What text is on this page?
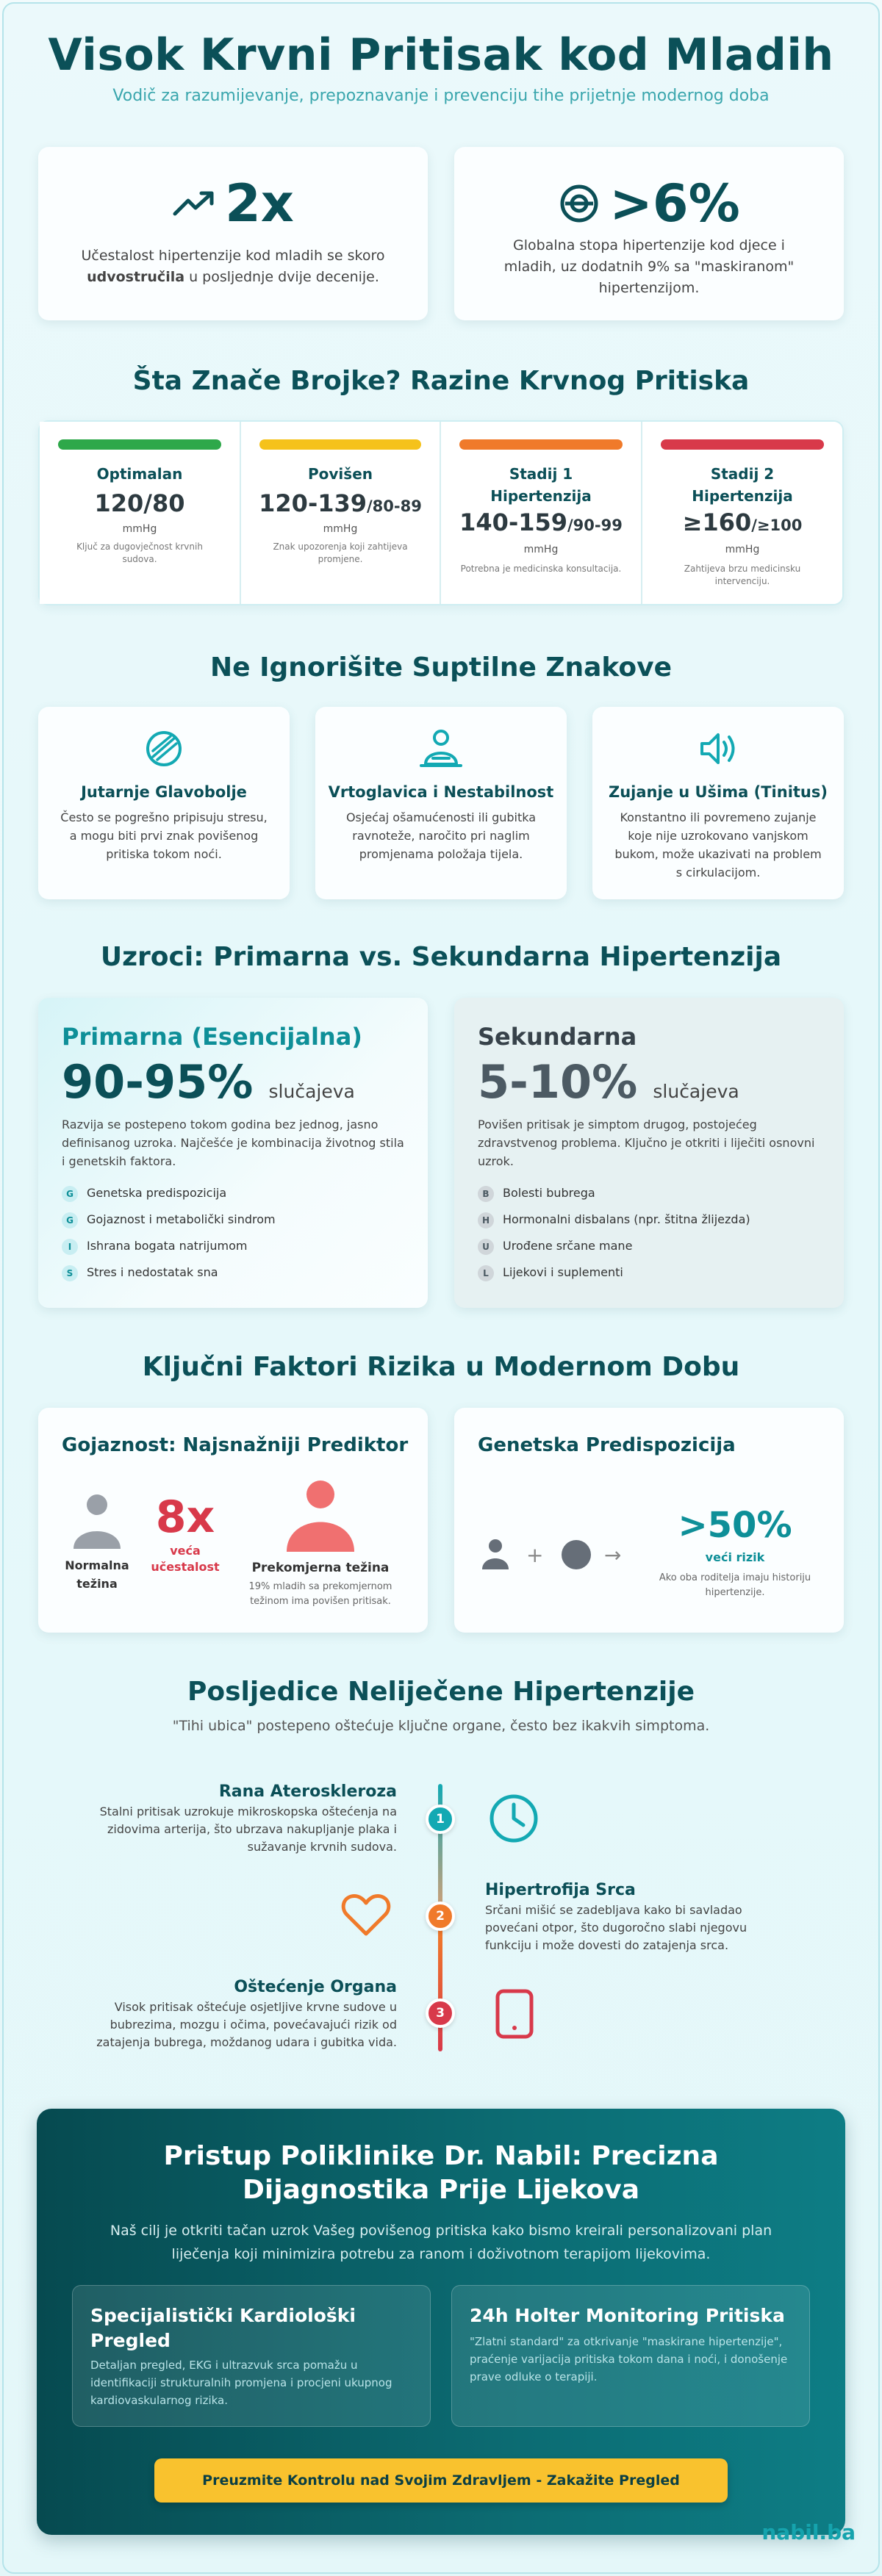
Visok Krvni Pritisak kod Mladih
Vodič za razumijevanje, prepoznavanje i prevenciju tihe prijetnje modernog doba
2x
Učestalost hipertenzije kod mladih se skoro udvostručila u posljednje dvije decenije.
>6%
Globalna stopa hipertenzije kod djece i mladih, uz dodatnih 9% sa "maskiranom" hipertenzijom.
Šta Znače Brojke? Razine Krvnog Pritiska
Optimalan
120/80
mmHg
Ključ za dugovječnost krvnih sudova.
Povišen
120-139/80-89
mmHg
Znak upozorenja koji zahtijeva promjene.
Stadij 1 Hipertenzija
140-159/90-99
mmHg
Potrebna je medicinska konsultacija.
Stadij 2 Hipertenzija
≥160/≥100
mmHg
Zahtijeva brzu medicinsku intervenciju.
Ne Ignorišite Suptilne Znakove
Jutarnje Glavobolje
Često se pogrešno pripisuju stresu, a mogu biti prvi znak povišenog pritiska tokom noći.
Vrtoglavica i Nestabilnost
Osjećaj ošamućenosti ili gubitka ravnoteže, naročito pri naglim promjenama položaja tijela.
Zujanje u Ušima (Tinitus)
Konstantno ili povremeno zujanje koje nije uzrokovano vanjskom bukom, može ukazivati na problem s cirkulacijom.
Uzroci: Primarna vs. Sekundarna Hipertenzija
Primarna (Esencijalna)
90-95% slučajeva
Razvija se postepeno tokom godina bez jednog, jasno definisanog uzroka. Najčešće je kombinacija životnog stila i genetskih faktora.
G Genetska predispozicija
G Gojaznost i metabolički sindrom
I Ishrana bogata natrijumom
S Stres i nedostatak sna
Sekundarna
5-10% slučajeva
Povišen pritisak je simptom drugog, postojećeg zdravstvenog problema. Ključno je otkriti i liječiti osnovni uzrok.
B Bolesti bubrega
H Hormonalni disbalans (npr. štitna žlijezda)
U Urođene srčane mane
L Lijekovi i suplementi
Ključni Faktori Rizika u Modernom Dobu
Gojaznost: Najsnažniji Prediktor
Normalna težina
8x
veća učestalost	Prekomjerna težina
19% mladih sa prekomjernom težinom ima povišen pritisak.
Genetska Predispozicija
+	→
>50%
veći rizik
Ako oba roditelja imaju historiju hipertenzije.
Posljedice Neliječene Hipertenzije
"Tihi ubica" postepeno oštećuje ključne organe, često bez ikakvih simptoma.
Rana Ateroskleroza
Stalni pritisak uzrokuje mikroskopska oštećenja na zidovima arterija, što ubrzava nakupljanje plaka i sužavanje krvnih sudova.
1
2
Hipertrofija Srca
Srčani mišić se zadebljava kako bi savladao povećani otpor, što dugoročno slabi njegovu funkciju i može dovesti do zatajenja srca.
Oštećenje Organa
Visok pritisak oštećuje osjetljive krvne sudove u bubrezima, mozgu i očima, povećavajući rizik od zatajenja bubrega, moždanog udara i gubitka vida.
3
Pristup Poliklinike Dr. Nabil: Precizna
Dijagnostika Prije Lijekova
Naš cilj je otkriti tačan uzrok Vašeg povišenog pritiska kako bismo kreirali personalizovani plan liječenja koji minimizira potrebu za ranom i doživotnom terapijom lijekovima.
Specijalistički Kardiološki Pregled
Detaljan pregled, EKG i ultrazvuk srca pomažu u identifikaciji strukturalnih promjena i procjeni ukupnog kardiovaskularnog rizika.
24h Holter Monitoring Pritiska
"Zlatni standard" za otkrivanje "maskirane hipertenzije", praćenje varijacija pritiska tokom dana i noći, i donošenje prave odluke o terapiji.
Preuzmite Kontrolu nad Svojim Zdravljem - Zakažite Pregled
nabil.ba
